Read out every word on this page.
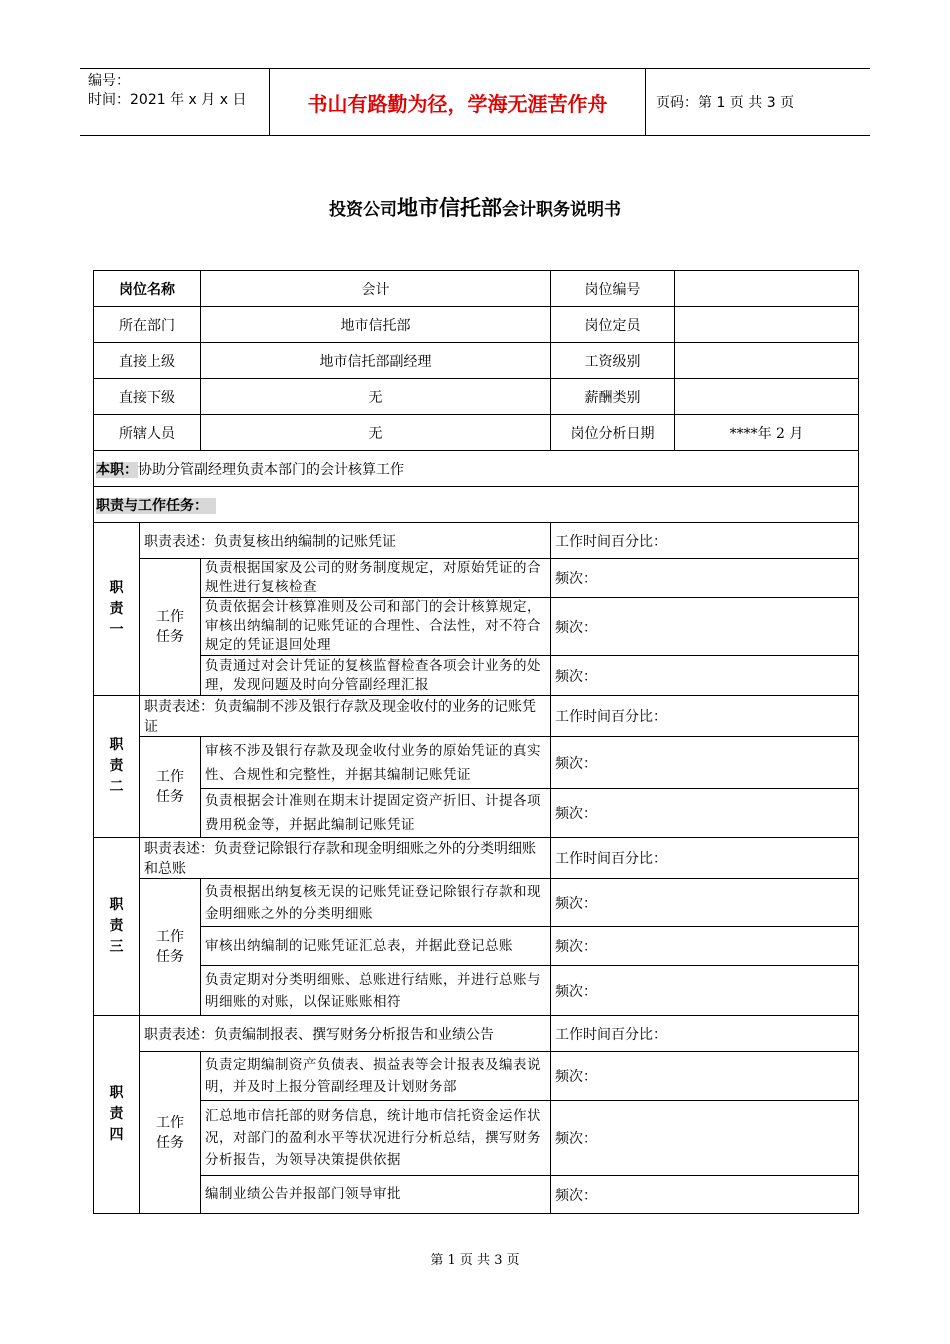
编号：
时间：2021 年 x 月 x 日	书山有路勤为径，学海无涯苦作舟	页码：第 1 页 共 3 页
投资公司地市信托部会计职务说明书
岗位名称		会计	岗位编号	
所在部门		地市信托部	岗位定员	
直接上级		地市信托部副经理	工资级别	
直接下级		无	薪酬类别	
所辖人员		无	岗位分析日期	****年 2 月
本职：协助分管副经理负责本部门的会计核算工作				
职责与工作任务：				

职责一	职责表述：负责复核出纳编制的记账凭证		工作时间百分比：	

	工作任务	负责根据国家及公司的财务制度规定，对原始凭证的合规性进行复核检查	频次：	
		负责依据会计核算准则及公司和部门的会计核算规定，审核出纳编制的记账凭证的合理性、合法性，对不符合规定的凭证退回处理	频次：	
		负责通过对会计凭证的复核监督检查各项会计业务的处理，发现问题及时向分管副经理汇报	频次：	

职责二	职责表述：负责编制不涉及银行存款及现金收付的业务的记账凭证		工作时间百分比：	

	工作任务	审核不涉及银行存款及现金收付业务的原始凭证的真实性、合规性和完整性，并据其编制记账凭证	频次：	
		负责根据会计准则在期末计提固定资产折旧、计提各项费用税金等，并据此编制记账凭证	频次：	

职责三	职责表述：负责登记除银行存款和现金明细账之外的分类明细账和总账		工作时间百分比：	

	工作任务	负责根据出纳复核无误的记账凭证登记除银行存款和现金明细账之外的分类明细账	频次：	
		审核出纳编制的记账凭证汇总表，并据此登记总账	频次：	
		负责定期对分类明细账、总账进行结账，并进行总账与明细账的对账，以保证账账相符	频次：	

职责四	职责表述：负责编制报表、撰写财务分析报告和业绩公告		工作时间百分比：	

	工作任务	负责定期编制资产负债表、损益表等会计报表及编表说明，并及时上报分管副经理及计划财务部	频次：	
		汇总地市信托部的财务信息，统计地市信托资金运作状况，对部门的盈利水平等状况进行分析总结，撰写财务分析报告，为领导决策提供依据	频次：	
		编制业绩公告并报部门领导审批	频次：	
第 1 页 共 3 页
